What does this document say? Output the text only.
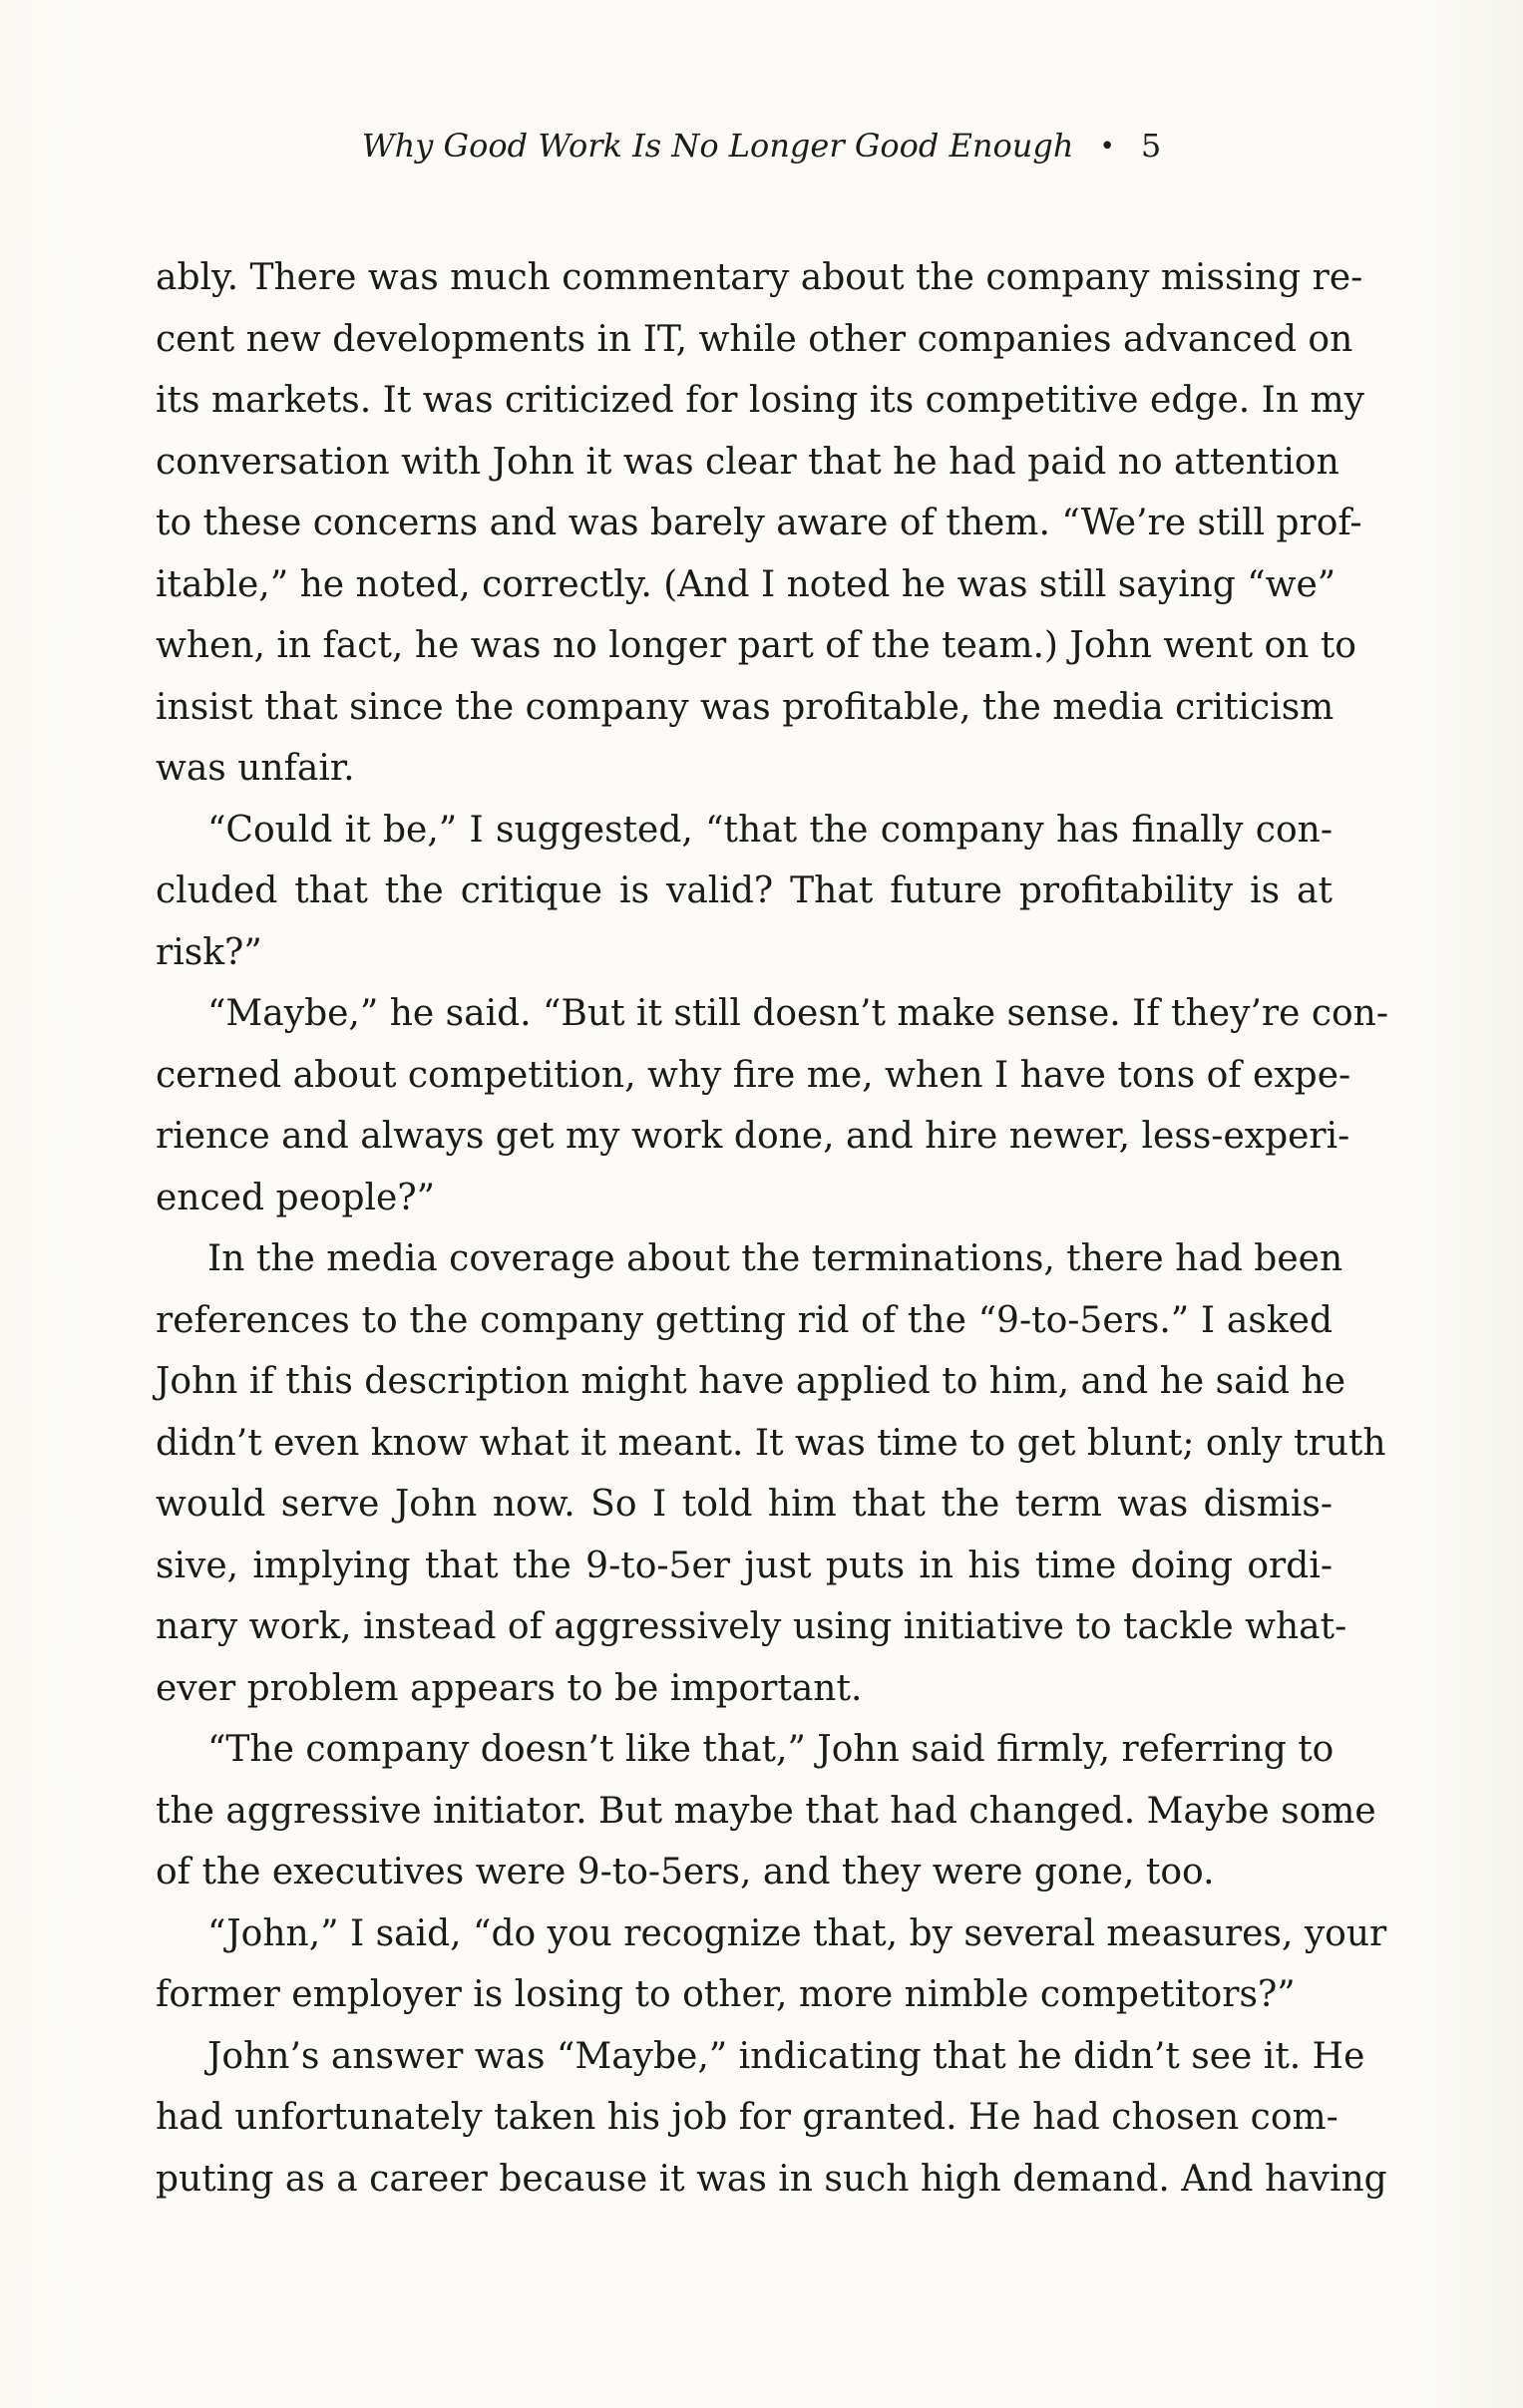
Why Good Work Is No Longer Good Enough • 5
ably. There was much commentary about the company missing re-
cent new developments in IT, while other companies advanced on
its markets. It was criticized for losing its competitive edge. In my
conversation with John it was clear that he had paid no attention
to these concerns and was barely aware of them. “We’re still prof-
itable,” he noted, correctly. (And I noted he was still saying “we”
when, in fact, he was no longer part of the team.) John went on to
insist that since the company was profitable, the media criticism
was unfair.
“Could it be,” I suggested, “that the company has finally con-
cluded that the critique is valid? That future profitability is at
risk?”
“Maybe,” he said. “But it still doesn’t make sense. If they’re con-
cerned about competition, why fire me, when I have tons of expe-
rience and always get my work done, and hire newer, less-experi-
enced people?”
In the media coverage about the terminations, there had been
references to the company getting rid of the “9-to-5ers.” I asked
John if this description might have applied to him, and he said he
didn’t even know what it meant. It was time to get blunt; only truth
would serve John now. So I told him that the term was dismis-
sive, implying that the 9-to-5er just puts in his time doing ordi-
nary work, instead of aggressively using initiative to tackle what-
ever problem appears to be important.
“The company doesn’t like that,” John said firmly, referring to
the aggressive initiator. But maybe that had changed. Maybe some
of the executives were 9-to-5ers, and they were gone, too.
“John,” I said, “do you recognize that, by several measures, your
former employer is losing to other, more nimble competitors?”
John’s answer was “Maybe,” indicating that he didn’t see it. He
had unfortunately taken his job for granted. He had chosen com-
puting as a career because it was in such high demand. And having
